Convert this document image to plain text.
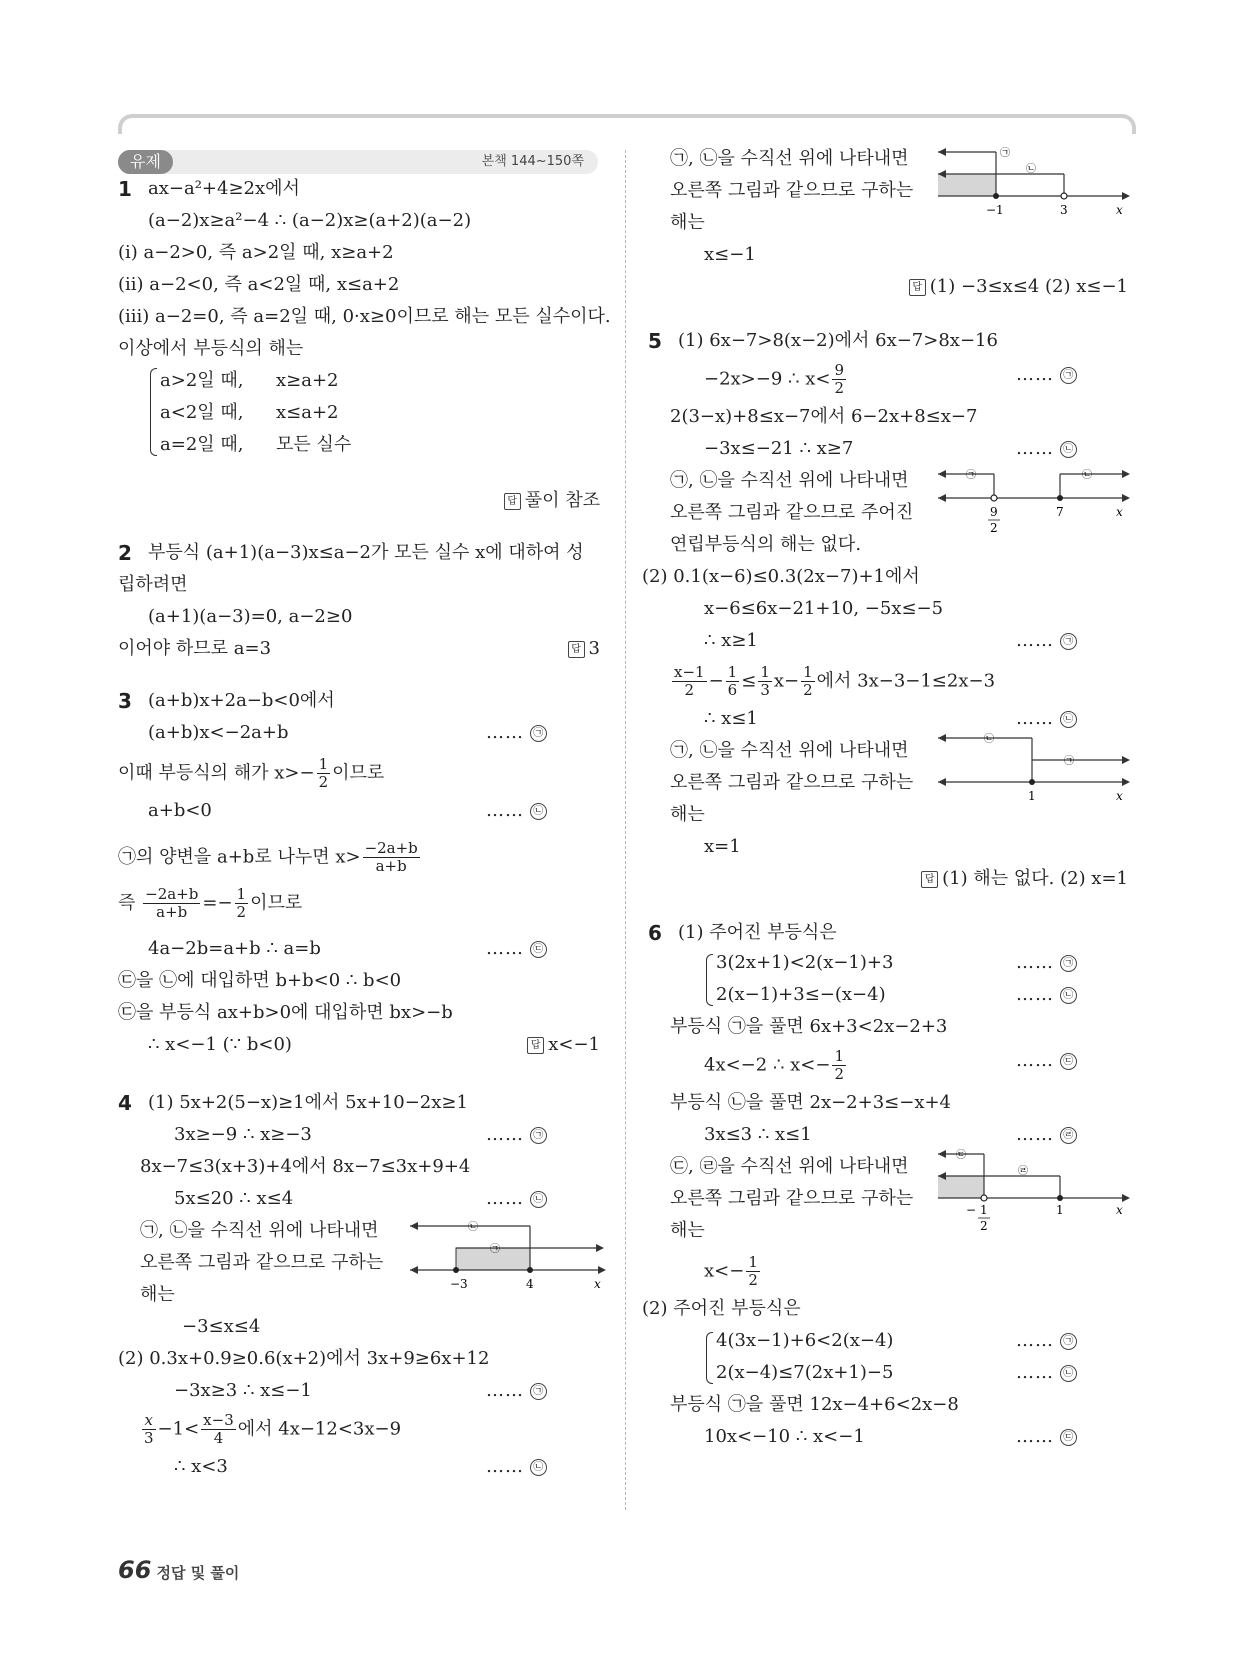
유제	본책 144~150쪽
1 ax−a²+4≥2x에서
(a−2)x≥a²−4 ∴ (a−2)x≥(a+2)(a−2)
(ⅰ) a−2>0, 즉 a>2일 때, x≥a+2
(ⅱ) a−2<0, 즉 a<2일 때, x≤a+2
(ⅲ) a−2=0, 즉 a=2일 때, 0·x≥0이므로 해는 모든 실수이다.
이상에서 부등식의 해는
a>2일 때, x≥a+2
a<2일 때, x≤a+2
a=2일 때, 모든 실수
답 풀이 참조
2 부등식 (a+1)(a−3)x≤a−2가 모든 실수 x에 대하여 성
립하려면
(a+1)(a−3)=0, a−2≥0
이어야 하므로 a=3	답 3
3 (a+b)x+2a−b<0에서
(a+b)x<−2a+b	…… ㉠
이때 부등식의 해가 $x>- \frac{1}{2}$ 이므로
a+b<0	…… ㉡
㉠의 양변을 a+b로 나누면 $x> \frac{-2a+b}{a+b}$
즉 $\frac{-2a+b}{a+b} =- \frac{1}{2}$ 이므로
4a−2b=a+b ∴ a=b	…… ㉢
㉢을 ㉡에 대입하면 b+b<0 ∴ b<0
㉢을 부등식 ax+b>0에 대입하면 bx>−b
∴ x<−1 (∵ b<0)	답 x<−1
4 (1) 5x+2(5−x)≥1에서 5x+10−2x≥1
3x≥−9 ∴ x≥−3	…… ㉠
8x−7≤3(x+3)+4에서 8x−7≤3x+9+4
5x≤20 ∴ x≤4	…… ㉡
㉠, ㉡을 수직선 위에 나타내면
오른쪽 그림과 같으므로 구하는
해는	−3	4	x
㉡
㉠
−3≤x≤4
(2) 0.3x+0.9≥0.6(x+2)에서 3x+9≥6x+12
−3x≥3 ∴ x≤−1	…… ㉠
$\frac{x}{3} -1< \frac{x-3}{4}$ 에서 4x−12<3x−9
∴ x<3	…… ㉡
㉠, ㉡을 수직선 위에 나타내면
오른쪽 그림과 같으므로 구하는
해는
−1	3	x
㉠
㉡
x≤−1
답 (1) −3≤x≤4 (2) x≤−1
5 (1) 6x−7>8(x−2)에서 6x−7>8x−16
−2x>−9 ∴ $x< \frac{9}{2}$	…… ㉠
2(3−x)+8≤x−7에서 6−2x+8≤x−7
−3x≤−21 ∴ x≥7	…… ㉡
㉠, ㉡을 수직선 위에 나타내면
오른쪽 그림과 같으므로 주어진
연립부등식의 해는 없다.
9
2
7	x
㉠	㉡
(2) 0.1(x−6)≤0.3(2x−7)+1에서
x−6≤6x−21+10, −5x≤−5
∴ x≥1	…… ㉠
$\frac{x-1}{2} - \frac{1}{6} \le \frac{1}{3} x- \frac{1}{2}$ 에서 3x−3−1≤2x−3
∴ x≤1	…… ㉡
㉠, ㉡을 수직선 위에 나타내면
오른쪽 그림과 같으므로 구하는
해는
1	x
㉡
㉠
x=1
답 (1) 해는 없다. (2) x=1
6 (1) 주어진 부등식은
3(2x+1)<2(x−1)+3	…… ㉠
2(x−1)+3≤−(x−4)	…… ㉡
부등식 ㉠을 풀면 6x+3<2x−2+3
4x<−2 ∴ $x<- \frac{1}{2}$	…… ㉢
부등식 ㉡을 풀면 2x−2+3≤−x+4
3x≤3 ∴ x≤1	…… ㉣
㉢, ㉣을 수직선 위에 나타내면
오른쪽 그림과 같으므로 구하는
해는
− 1
2
1	x
㉢
㉣
$x<- \frac{1}{2}$
(2) 주어진 부등식은
4(3x−1)+6<2(x−4)	…… ㉠
2(x−4)≤7(2x+1)−5	…… ㉡
부등식 ㉠을 풀면 12x−4+6<2x−8
10x<−10 ∴ x<−1	…… ㉢
66 정답 및 풀이
